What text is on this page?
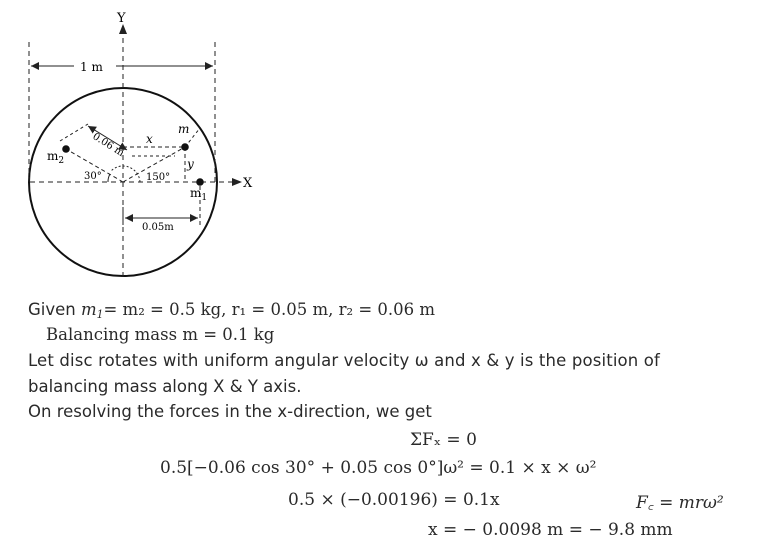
Y
X
1 m
0.06 m
$m_2$
m
x
y
30°	150°
$m_1$
0.05m
Given $m_1= m_2 = 0.5$ kg, r₁ = 0.05 m, r₂ = 0.06 m
Balancing mass m = 0.1 kg
Let disc rotates with uniform angular velocity ω and x & y is the position of
balancing mass along X & Y axis.
On resolving the forces in the x-direction, we get
ΣFₓ = 0
0.5[−0.06 cos 30° + 0.05 cos 0°]ω² = 0.1 × x × ω²
0.5 × (−0.00196) = 0.1x	F꜀ = mrω²
x = − 0.0098 m = − 9.8 mm
